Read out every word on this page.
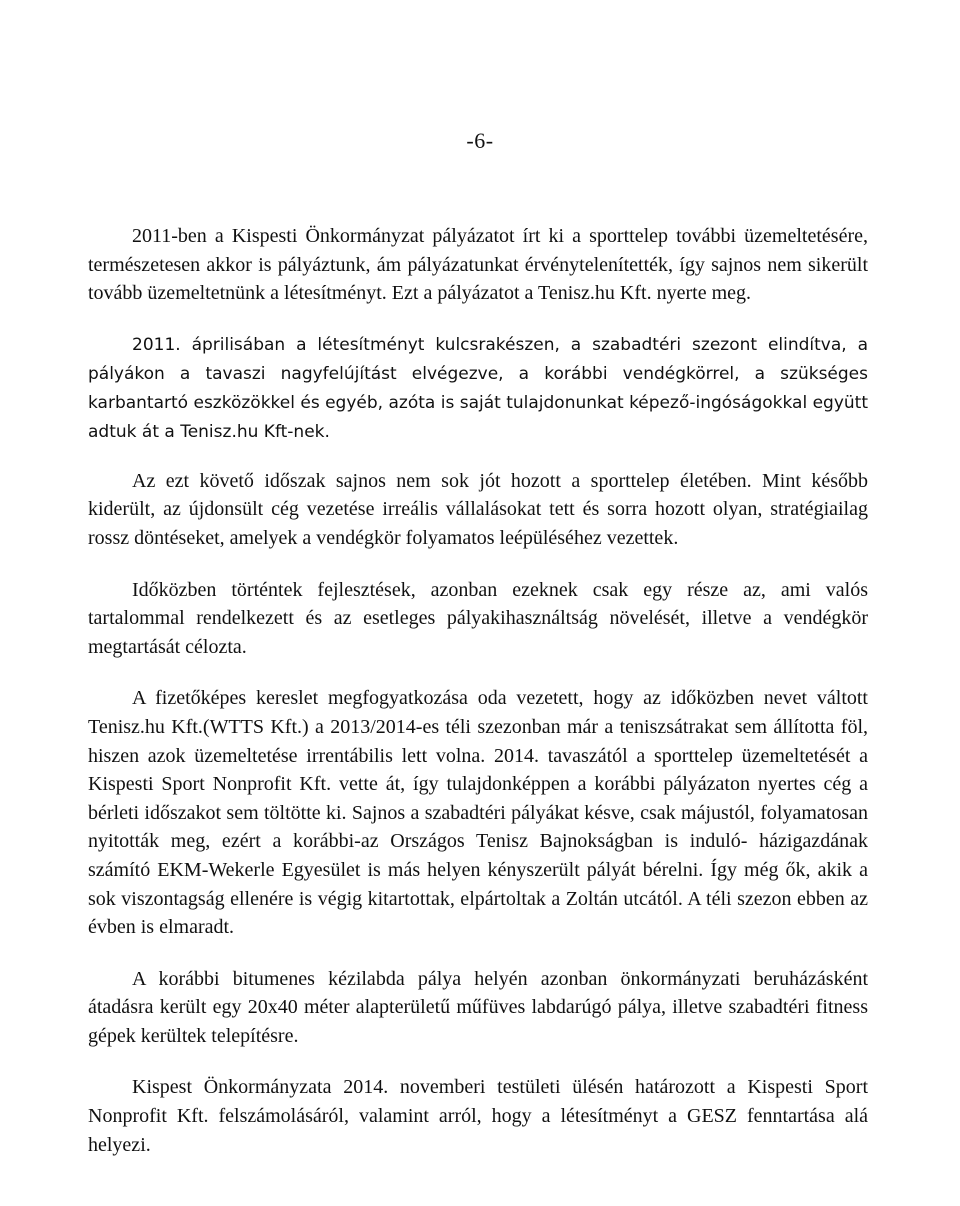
-6-

2011-ben a Kispesti Önkormányzat pályázatot írt ki a sporttelep további üzemeltetésére, természetesen akkor is pályáztunk, ám pályázatunkat érvénytelenítették, így sajnos nem sikerült tovább üzemeltetnünk a létesítményt. Ezt a pályázatot a Tenisz.hu Kft. nyerte meg.

2011. áprilisában a létesítményt kulcsrakészen, a szabadtéri szezont elindítva, a pályákon a tavaszi nagyfelújítást elvégezve, a korábbi vendégkörrel, a szükséges karbantartó eszközökkel és egyéb, azóta is saját tulajdonunkat képező-ingóságokkal együtt adtuk át a Tenisz.hu Kft-nek.

Az ezt követő időszak sajnos nem sok jót hozott a sporttelep életében. Mint később kiderült, az újdonsült cég vezetése irreális vállalásokat tett és sorra hozott olyan, stratégiailag rossz döntéseket, amelyek a vendégkör folyamatos leépüléséhez vezettek.

Időközben történtek fejlesztések, azonban ezeknek csak egy része az, ami valós tartalommal rendelkezett és az esetleges pályakihasználtság növelését, illetve a vendégkör megtartását célozta.

A fizetőképes kereslet megfogyatkozása oda vezetett, hogy az időközben nevet váltott Tenisz.hu Kft.(WTTS Kft.) a 2013/2014-es téli szezonban már a teniszsátrakat sem állította föl, hiszen azok üzemeltetése irrentábilis lett volna. 2014. tavaszától a sporttelep üzemeltetését a Kispesti Sport Nonprofit Kft. vette át, így tulajdonképpen a korábbi pályázaton nyertes cég a bérleti időszakot sem töltötte ki. Sajnos a szabadtéri pályákat késve, csak májustól, folyamatosan nyitották meg, ezért a korábbi-az Országos Tenisz Bajnokságban is induló- házigazdának számító EKM-Wekerle Egyesület is más helyen kényszerült pályát bérelni. Így még ők, akik a sok viszontagság ellenére is végig kitartottak, elpártoltak a Zoltán utcától. A téli szezon ebben az évben is elmaradt.

A korábbi bitumenes kézilabda pálya helyén azonban önkormányzati beruházásként átadásra került egy 20x40 méter alapterületű műfüves labdarúgó pálya, illetve szabadtéri fitness gépek kerültek telepítésre.

Kispest Önkormányzata 2014. novemberi testületi ülésén határozott a Kispesti Sport Nonprofit Kft. felszámolásáról, valamint arról, hogy a létesítményt a GESZ fenntartása alá helyezi.
